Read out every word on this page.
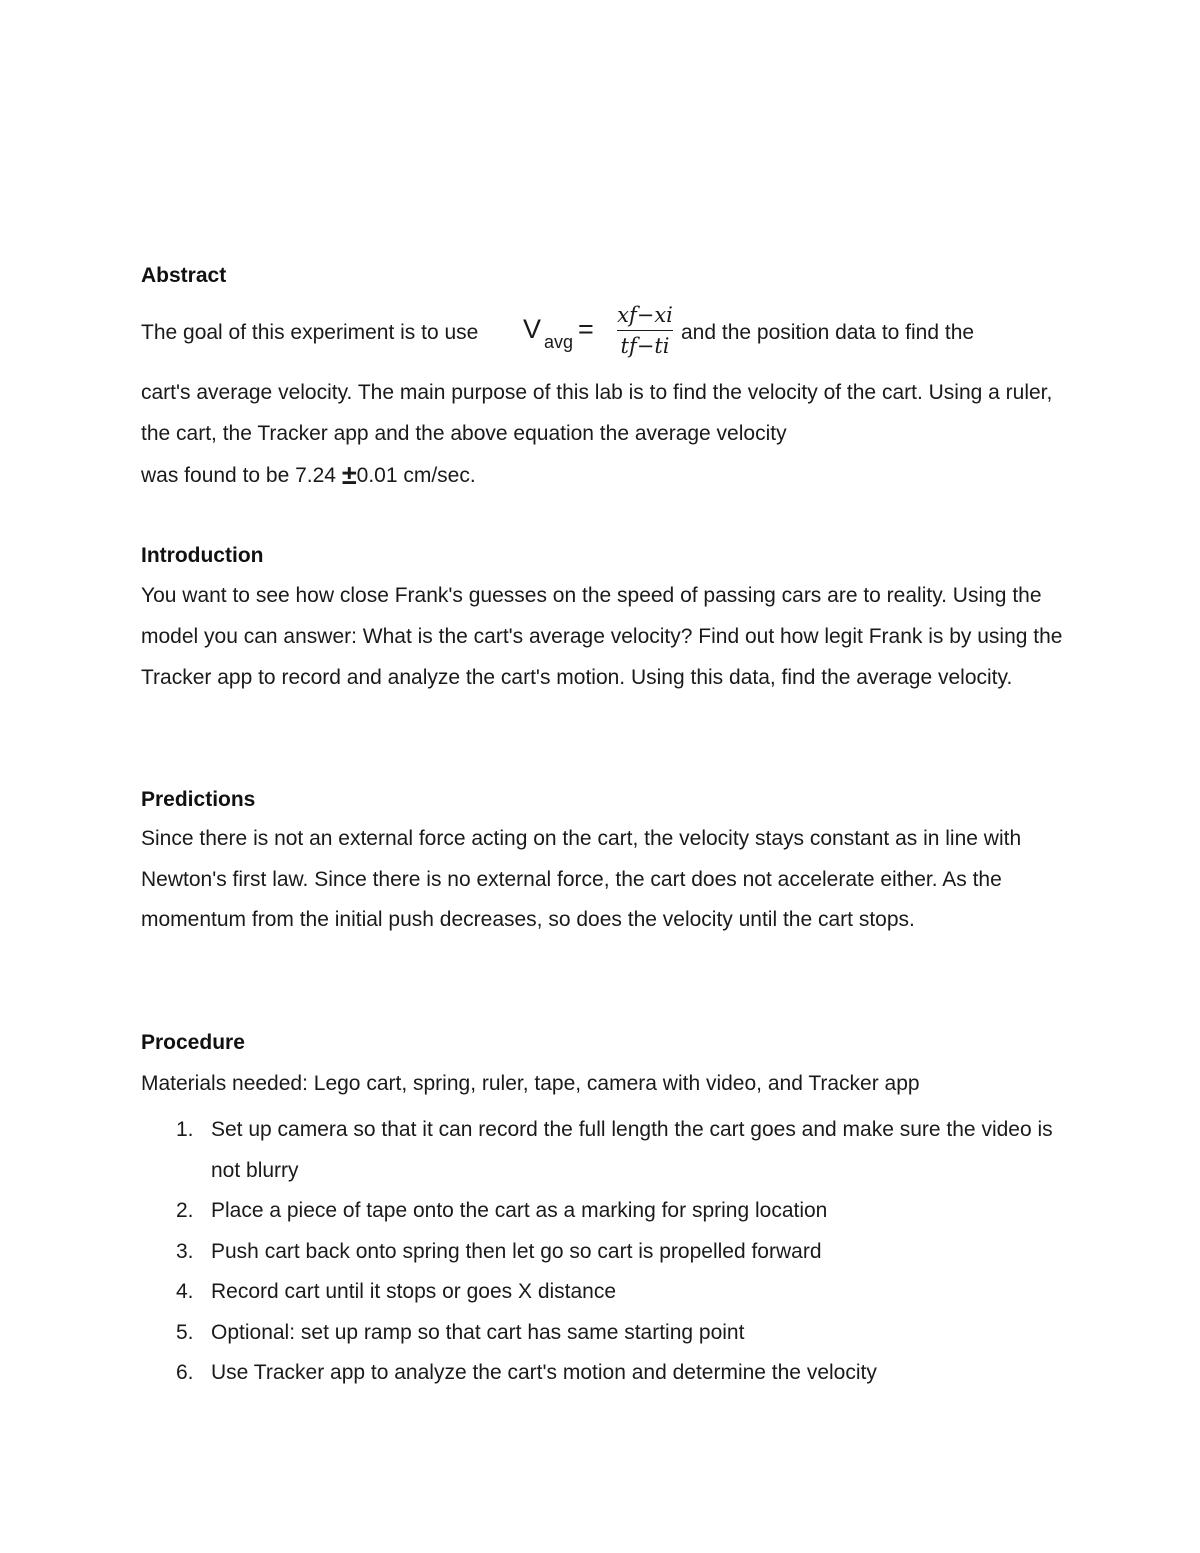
Abstract
The goal of this experiment is to use V avg = xf−xi
tf−ti
and the position data to find the

cart's average velocity. The main purpose of this lab is to find the velocity of the cart. Using a ruler, the cart, the Tracker app and the above equation the average velocity

was found to be 7.24 ±0.01 cm/sec.

Introduction

You want to see how close Frank's guesses on the speed of passing cars are to reality. Using the model you can answer: What is the cart's average velocity? Find out how legit Frank is by using the Tracker app to record and analyze the cart's motion. Using this data, find the average velocity.

Predictions

Since there is not an external force acting on the cart, the velocity stays constant as in line with Newton's first law. Since there is no external force, the cart does not accelerate either. As the momentum from the initial push decreases, so does the velocity until the cart stops.

Procedure

Materials needed: Lego cart, spring, ruler, tape, camera with video, and Tracker app

1. Set up camera so that it can record the full length the cart goes and make sure the video is not blurry
2. Place a piece of tape onto the cart as a marking for spring location
3. Push cart back onto spring then let go so cart is propelled forward
4. Record cart until it stops or goes X distance
5. Optional: set up ramp so that cart has same starting point
6. Use Tracker app to analyze the cart's motion and determine the velocity
